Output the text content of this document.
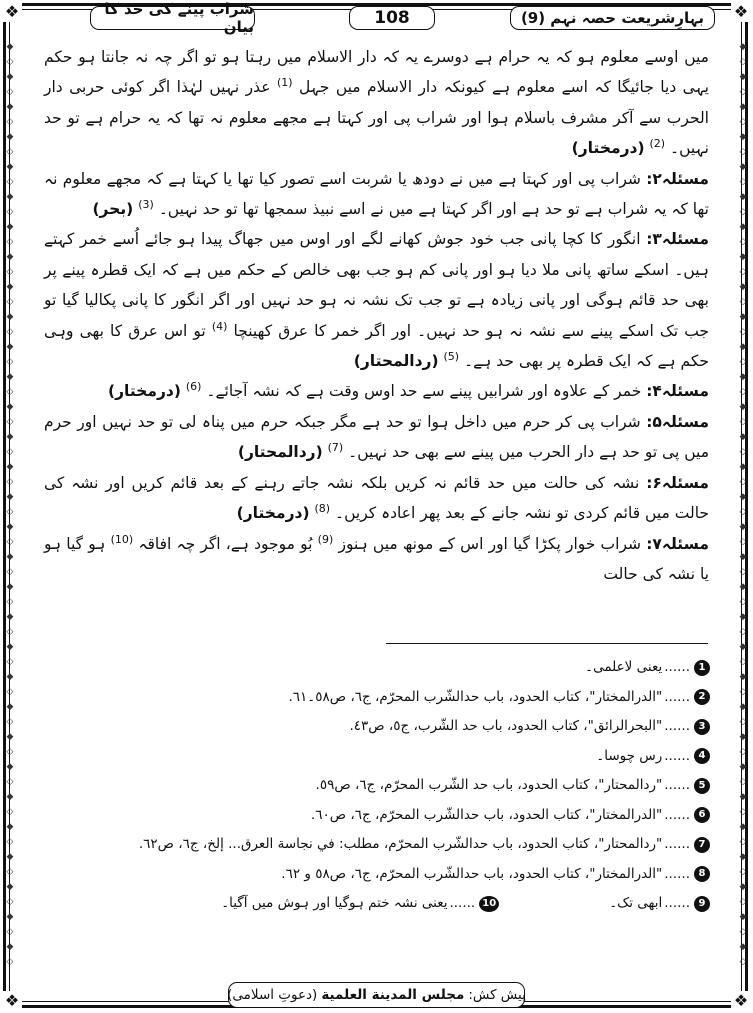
❖	❖
❖	❖
◆
◇
◆
◇
◆
◇
◆
◇
◆
◇
◆
◇
◆
◇
◆
◇
◆
◇
◆
◇
◆
◇
◆
◇
◆
◇
◆
◇
◆
◇
◆
◇
◆
◇
◆
◇
◆
◇
◆
◇
◆
◇
◆
◇
◆
◇
◆
◇
◆
◇
◆
◇
◆
◇
◆
◇
◆
◇
◆
◇
◆
◇
◆
◇
◆
◇
◆
◇
◆
◇
◆
◇
◆
◇
◆
◇
◆
◇
◆
◇
◆
◇
◆
◇
◆
◇
◆
◇
◆
◇
◆
◇
◆
◇
◆
◇
◆
◇
◆
◇
◆
◇
◆
◇
◆
◇
◆
◇
◆
◇
◆
◇
◆
◇
◆
◇
◆
◇
◆
◇
◆
◇
◆
◇
شراب پینے کی حد کا بیان	108	بہارِشریعت حصہ نہم (9)

میں اوسے معلوم ہو کہ یہ حرام ہے دوسرے یہ کہ دار الاسلام میں رہتا ہو تو اگر چہ نہ جانتا ہو حکم یہی دیا جائیگا کہ اسے معلوم ہے کیونکہ دار الاسلام میں جہل $^{(1)}$ عذر نہیں لہٰذا اگر کوئی حربی دار الحرب سے آکر مشرف باسلام ہوا اور شراب پی اور کہتا ہے مجھے معلوم نہ تھا کہ یہ حرام ہے تو حد نہیں۔ $^{(2)}$ (درمختار)

مسئلہ۲: شراب پی اور کہتا ہے میں نے دودھ یا شربت اسے تصور کیا تھا یا کہتا ہے کہ مجھے معلوم نہ تھا کہ یہ شراب ہے تو حد ہے اور اگر کہتا ہے میں نے اسے نبیذ سمجھا تھا تو حد نہیں۔ $^{(3)}$ (بحر)

مسئلہ۳: انگور کا کچا پانی جب خود جوش کھانے لگے اور اوس میں جھاگ پیدا ہو جائے اُسے خمر کہتے ہیں۔ اسکے ساتھ پانی ملا دیا ہو اور پانی کم ہو جب بھی خالص کے حکم میں ہے کہ ایک قطرہ پینے پر بھی حد قائم ہوگی اور پانی زیادہ ہے تو جب تک نشہ نہ ہو حد نہیں اور اگر انگور کا پانی پکالیا گیا تو جب تک اسکے پینے سے نشہ نہ ہو حد نہیں۔ اور اگر خمر کا عرق کھینچا $^{(4)}$ تو اس عرق کا بھی وہی حکم ہے کہ ایک قطرہ پر بھی حد ہے۔ $^{(5)}$ (ردالمحتار)

مسئلہ۴: خمر کے علاوہ اور شرابیں پینے سے حد اوس وقت ہے کہ نشہ آجائے۔ $^{(6)}$ (درمختار)

مسئلہ۵: شراب پی کر حرم میں داخل ہوا تو حد ہے مگر جبکہ حرم میں پناہ لی تو حد نہیں اور حرم میں پی تو حد ہے دار الحرب میں پینے سے بھی حد نہیں۔ $^{(7)}$ (ردالمحتار)

مسئلہ۶: نشہ کی حالت میں حد قائم نہ کریں بلکہ نشہ جاتے رہنے کے بعد قائم کریں اور نشہ کی حالت میں قائم کردی تو نشہ جانے کے بعد پھر اعادہ کریں۔ $^{(8)}$ (درمختار)

مسئلہ۷: شراب خوار پکڑا گیا اور اس کے مونھ میں ہنوز $^{(9)}$ بُو موجود ہے، اگر چہ افاقہ $^{(10)}$ ہو گیا ہو یا نشہ کی حالت

1
......
یعنی لاعلمی۔
2
......
"الدرالمختار"، كتاب الحدود، باب حدالشّرب المحرّم، ج٦، ص٥٨۔٦١.
3
......
"البحرالرائق"، كتاب الحدود، باب حد الشّرب، ج٥، ص٤٣.
4
......
رس چوسا۔
5
......
"ردالمحتار"، كتاب الحدود، باب حد الشّرب المحرّم، ج٦، ص٥٩.
6
......
"الدرالمختار"، كتاب الحدود، باب حدالشّرب المحرّم، ج٦، ص٦٠.
7
......
"ردالمحتار"، كتاب الحدود، باب حدالشّرب المحرّم، مطلب: في نجاسة العرق... إلخ، ج٦، ص٦٢.
8
......
"الدرالمختار"، كتاب الحدود، باب حدالشّرب المحرّم، ج٦، ص٥٨ و ٦٢.
9
......
ابھی تک۔
10
......
یعنی نشہ ختم ہوگیا اور ہوش میں آگیا۔
پیش کش:
مجلس المدينة العلمية
(دعوتِ اسلامی)
